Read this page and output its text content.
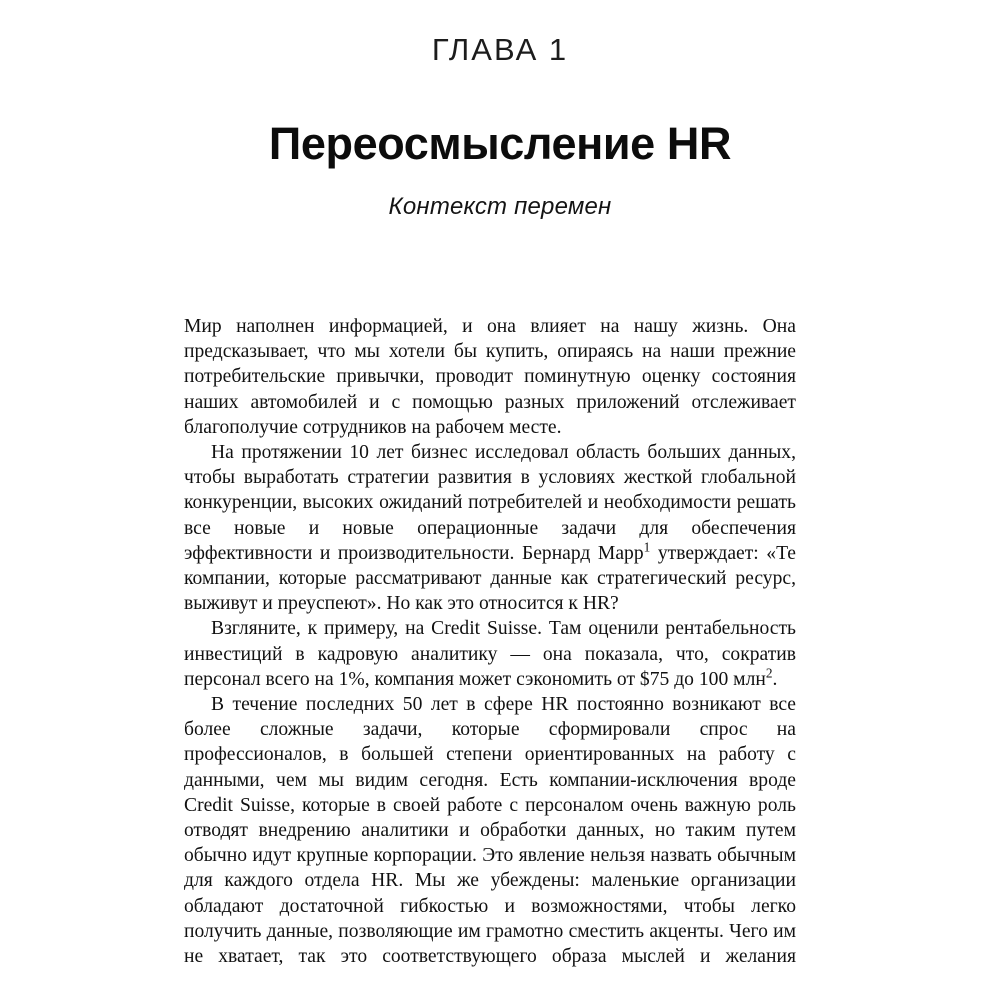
ГЛАВА 1
Переосмысление HR
Контекст перемен

Мир наполнен информацией, и она влияет на нашу жизнь. Она предсказывает, что мы хотели бы купить, опираясь на наши прежние потребительские привычки, проводит поминутную оценку состояния наших автомобилей и с помощью разных приложений отслеживает благополучие сотрудников на рабочем месте.

На протяжении 10 лет бизнес исследовал область больших данных, чтобы выработать стратегии развития в условиях жесткой глобальной конкуренции, высоких ожиданий потребителей и необходимости решать все новые и новые операционные задачи для обеспечения эффективности и производительности. Бернард Марр$^1$ утверждает: «Те компании, которые рассматривают данные как стратегический ресурс, выживут и преуспеют». Но как это относится к HR?

Взгляните, к примеру, на Credit Suisse. Там оценили рентабельность инвестиций в кадровую аналитику — она показала, что, сократив персонал всего на 1%, компания может сэкономить от $75 до 100 млн$^2$.

В течение последних 50 лет в сфере HR постоянно возникают все более сложные задачи, которые сформировали спрос на профессионалов, в большей степени ориентированных на работу с данными, чем мы видим сегодня. Есть компании-исключения вроде Credit Suisse, которые в своей работе с персоналом очень важную роль отводят внедрению аналитики и обработки данных, но таким путем обычно идут крупные корпорации. Это явление нельзя назвать обычным для каждого отдела HR. Мы же убеждены: маленькие организации обладают достаточной гибкостью и возможностями, чтобы легко получить данные, позволяющие им грамотно сместить акценты. Чего им не хватает, так это соответствующего образа мыслей и желания
